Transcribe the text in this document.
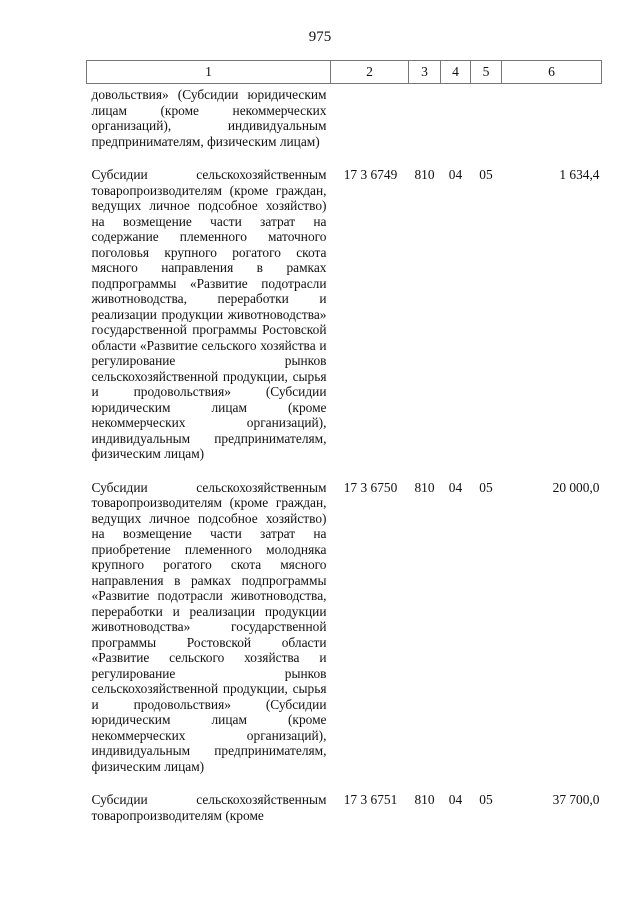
975
1	2	3	4	5	6

довольствия» (Субсидии юридическим лицам (кроме некоммерческих организаций), индивидуальным предпринимателям, физическим лицам)					

Субсидии сельскохозяйственным товаропроизводителям (кроме граждан, ведущих личное подсобное хозяйство) на возмещение части затрат на содержание племенного маточного поголовья крупного рогатого скота мясного направления в рамках подпрограммы «Развитие подотрасли животноводства, переработки и реализации продукции животноводства» государственной программы Ростовской области «Развитие сельского хозяйства и регулирование рынков сельскохозяйственной продукции, сырья и продовольствия» (Субсидии юридическим лицам (кроме некоммерческих организаций), индивидуальным предпринимателям, физическим лицам)	17 3 6749	810	04	05	1 634,4

Субсидии сельскохозяйственным товаропроизводителям (кроме граждан, ведущих личное подсобное хозяйство) на возмещение части затрат на приобретение племенного молодняка крупного рогатого скота мясного направления в рамках подпрограммы «Развитие подотрасли животноводства, переработки и реализации продукции животноводства» государственной программы Ростовской области «Развитие сельского хозяйства и регулирование рынков сельскохозяйственной продукции, сырья и продовольствия» (Субсидии юридическим лицам (кроме некоммерческих организаций), индивидуальным предпринимателям, физическим лицам)	17 3 6750	810	04	05	20 000,0

Субсидии сельскохозяйственным товаропроизводителям (кроме	17 3 6751	810	04	05	37 700,0
